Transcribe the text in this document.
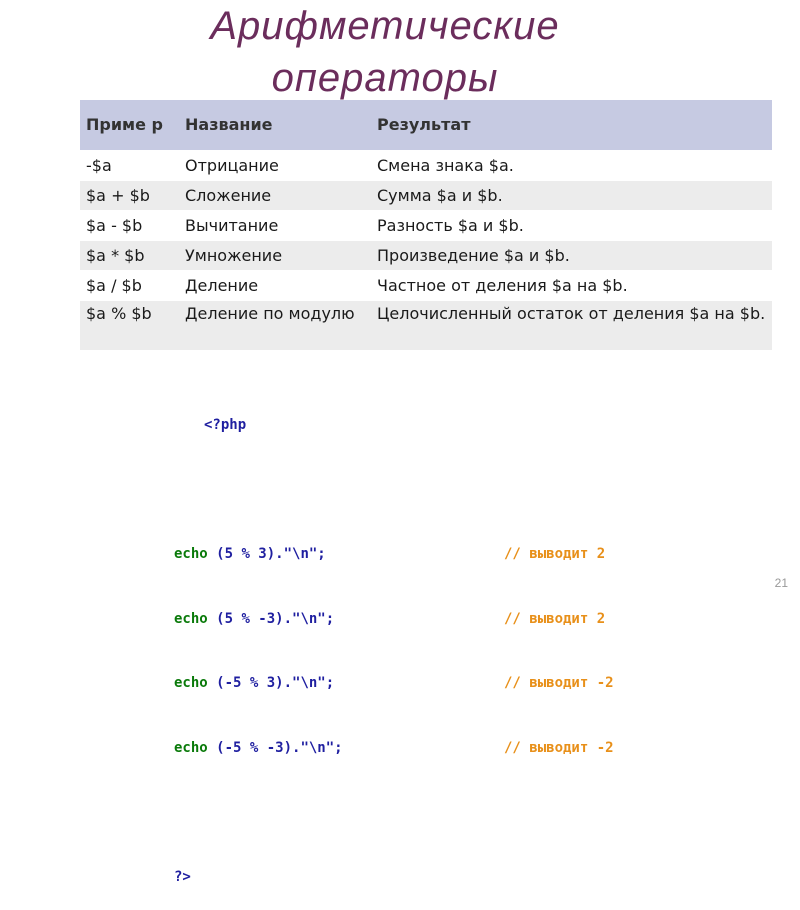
Арифметические
операторы
Приме р	Название	Результат
-$a	Отрицание	Смена знака $a.
$a + $b	Сложение	Сумма $a и $b.
$a - $b	Вычитание	Разность $a и $b.
$a * $b	Умножение	Произведение $a и $b.
$a / $b	Деление	Частное от деления $a на $b.
$a % $b	Деление по модулю	Целочисленный остаток от деления $a на $b.

<?php

echo (5 % 3)."\n";	// выводит 2

echo (5 % -3)."\n";	// выводит 2

echo (-5 % 3)."\n";	// выводит -2

echo (-5 % -3)."\n";	// выводит -2

?>

21
